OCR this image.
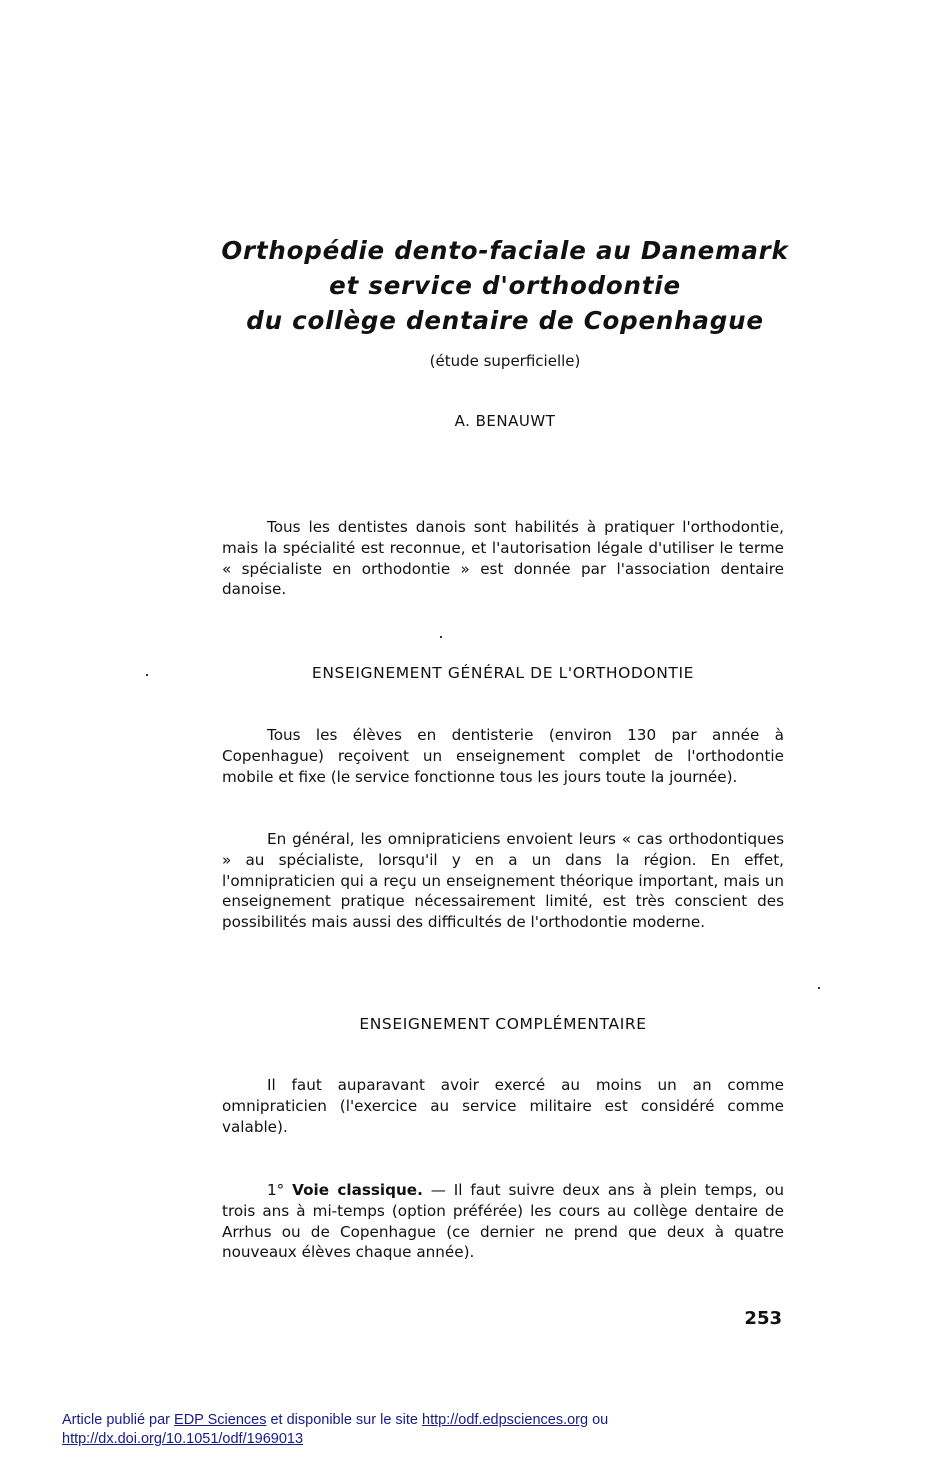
Orthopédie dento-faciale au Danemark
et service d'orthodontie
du collège dentaire de Copenhague
(étude superficielle)
A. BENAUWT

Tous les dentistes danois sont habilités à pratiquer l'orthodontie, mais la spécialité est reconnue, et l'autorisation légale d'utiliser le terme « spécialiste en orthodontie » est donnée par l'association dentaire danoise.

ENSEIGNEMENT GÉNÉRAL DE L'ORTHODONTIE

Tous les élèves en dentisterie (environ 130 par année à Copenhague) reçoivent un enseignement complet de l'orthodontie mobile et fixe (le service fonctionne tous les jours toute la journée).

En général, les omnipraticiens envoient leurs « cas orthodontiques » au spécialiste, lorsqu'il y en a un dans la région. En effet, l'omnipraticien qui a reçu un enseignement théorique important, mais un enseignement pratique nécessairement limité, est très conscient des possibilités mais aussi des difficultés de l'orthodontie moderne.

ENSEIGNEMENT COMPLÉMENTAIRE

Il faut auparavant avoir exercé au moins un an comme omnipraticien (l'exercice au service militaire est considéré comme valable).

1° Voie classique. — Il faut suivre deux ans à plein temps, ou trois ans à mi-temps (option préférée) les cours au collège dentaire de Arrhus ou de Copenhague (ce dernier ne prend que deux à quatre nouveaux élèves chaque année).

253
Article publié par EDP Sciences et disponible sur le site http://odf.edpsciences.org ou
http://dx.doi.org/10.1051/odf/1969013
